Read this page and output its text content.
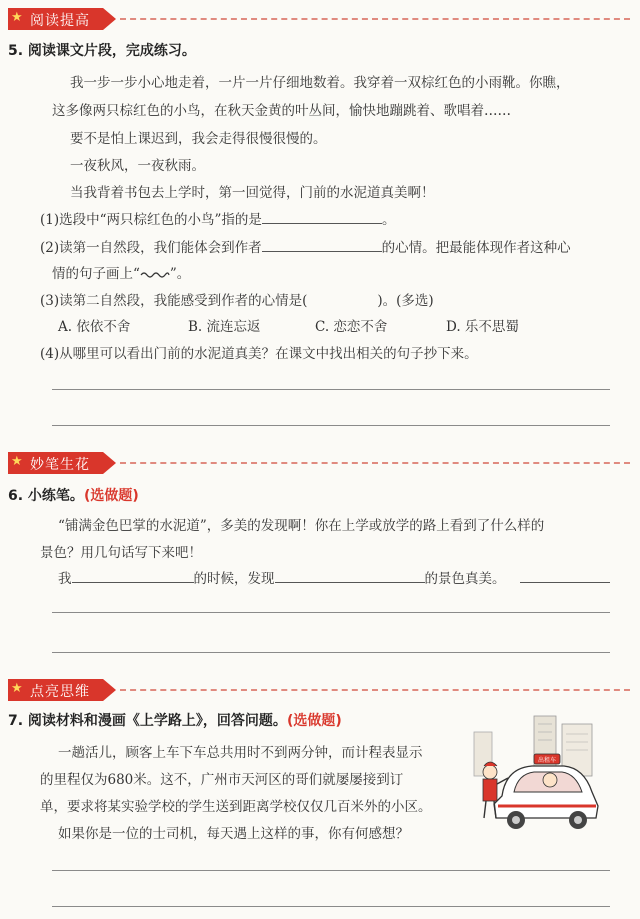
★ 阅读提高
5. 阅读课文片段，完成练习。
我一步一步小心地走着，一片一片仔细地数着。我穿着一双棕红色的小雨靴。你瞧，
这多像两只棕红色的小鸟，在秋天金黄的叶丛间，愉快地蹦跳着、歌唱着……
要不是怕上课迟到，我会走得很慢很慢的。
一夜秋风，一夜秋雨。
当我背着书包去上学时，第一回觉得，门前的水泥道真美啊！
(1)选段中“两只棕红色的小鸟”指的是	。
(2)读第一自然段，我们能体会到作者	的心情。把最能体现作者这种心
情的句子画上“ ”。
(3)读第二自然段，我能感受到作者的心情是(	)。(多选)
A. 依依不舍	B. 流连忘返	C. 恋恋不舍	D. 乐不思蜀
(4)从哪里可以看出门前的水泥道真美？在课文中找出相关的句子抄下来。
★ 妙笔生花
6. 小练笔。(选做题)
“铺满金色巴掌的水泥道”，多美的发现啊！你在上学或放学的路上看到了什么样的
景色？用几句话写下来吧！
我	的时候，发现	的景色真美。
★ 点亮思维
7. 阅读材料和漫画《上学路上》，回答问题。(选做题)
一趟活儿，顾客上车下车总共用时不到两分钟，而计程表显示
的里程仅为680米。这不，广州市天河区的哥们就屡屡接到订
单，要求将某实验学校的学生送到距离学校仅仅几百米外的小区。
如果你是一位的士司机，每天遇上这样的事，你有何感想？
出租车
